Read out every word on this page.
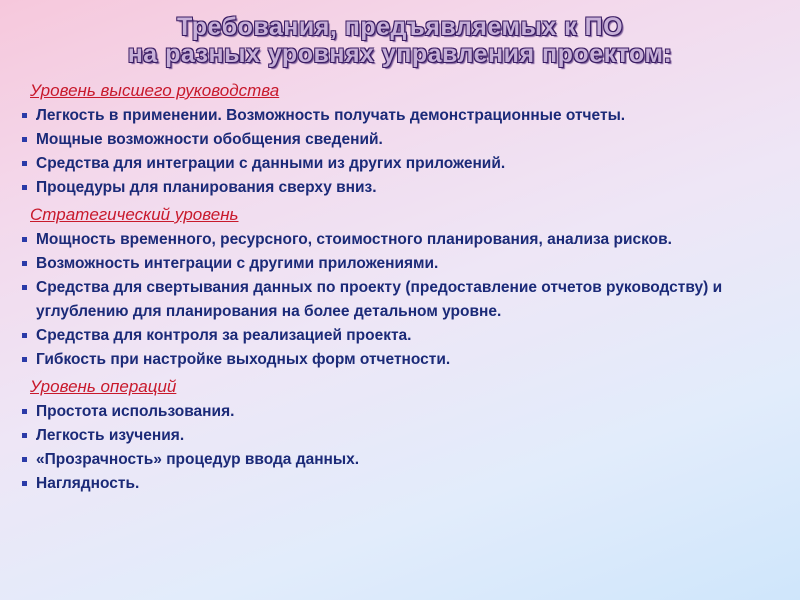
Требования, предъявляемых к ПО
на разных уровнях управления проектом:
Уровень высшего руководства
Легкость в применении. Возможность получать демонстрационные отчеты.
Мощные возможности обобщения сведений.
Средства для интеграции с данными из других приложений.
Процедуры для планирования сверху вниз.
Стратегический уровень
Мощность временного, ресурсного, стоимостного планирования, анализа рисков.
Возможность интеграции с другими приложениями.
Средства для свертывания данных по проекту (предоставление отчетов руководству) и углублению для планирования на более детальном уровне.
Средства для контроля за реализацией проекта.
Гибкость при настройке выходных форм отчетности.
Уровень операций
Простота использования.
Легкость изучения.
«Прозрачность» процедур ввода данных.
Наглядность.
